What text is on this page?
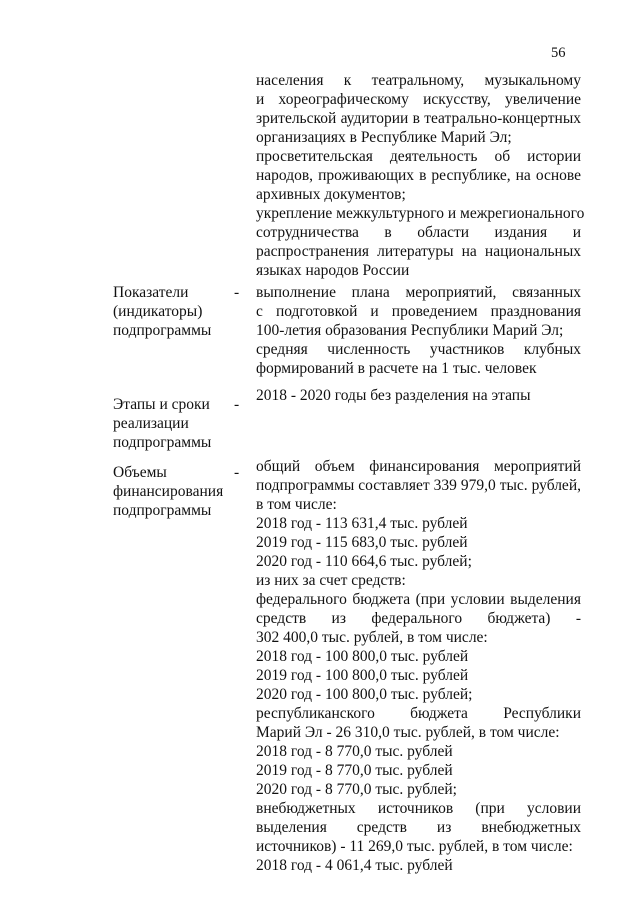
56
населения к театральному, музыкальному
и хореографическому искусству, увеличение
зрительской аудитории в театрально-концертных
организациях в Республике Марий Эл;
просветительская деятельность об истории
народов, проживающих в республике, на основе
архивных документов;
укрепление межкультурного и межрегионального
сотрудничества в области издания и
распространения литературы на национальных
языках народов России
Показатели
(индикаторы)
подпрограммы
-	выполнение плана мероприятий, связанных
с подготовкой и проведением празднования
100-летия образования Республики Марий Эл;
средняя численность участников клубных
формирований в расчете на 1 тыс. человек
Этапы и сроки
реализации
подпрограммы
-
2018 - 2020 годы без разделения на этапы
Объемы
финансирования
подпрограммы
-	общий объем финансирования мероприятий
подпрограммы составляет 339 979,0 тыс. рублей,
в том числе:
2018 год - 113 631,4 тыс. рублей
2019 год - 115 683,0 тыс. рублей
2020 год - 110 664,6 тыс. рублей;
из них за счет средств:
федерального бюджета (при условии выделения
средств из федерального бюджета) -
302 400,0 тыс. рублей, в том числе:
2018 год - 100 800,0 тыс. рублей
2019 год - 100 800,0 тыс. рублей
2020 год - 100 800,0 тыс. рублей;
республиканского бюджета Республики
Марий Эл - 26 310,0 тыс. рублей, в том числе:
2018 год - 8 770,0 тыс. рублей
2019 год - 8 770,0 тыс. рублей
2020 год - 8 770,0 тыс. рублей;
внебюджетных источников (при условии
выделения средств из внебюджетных
источников) - 11 269,0 тыс. рублей, в том числе:
2018 год - 4 061,4 тыс. рублей
